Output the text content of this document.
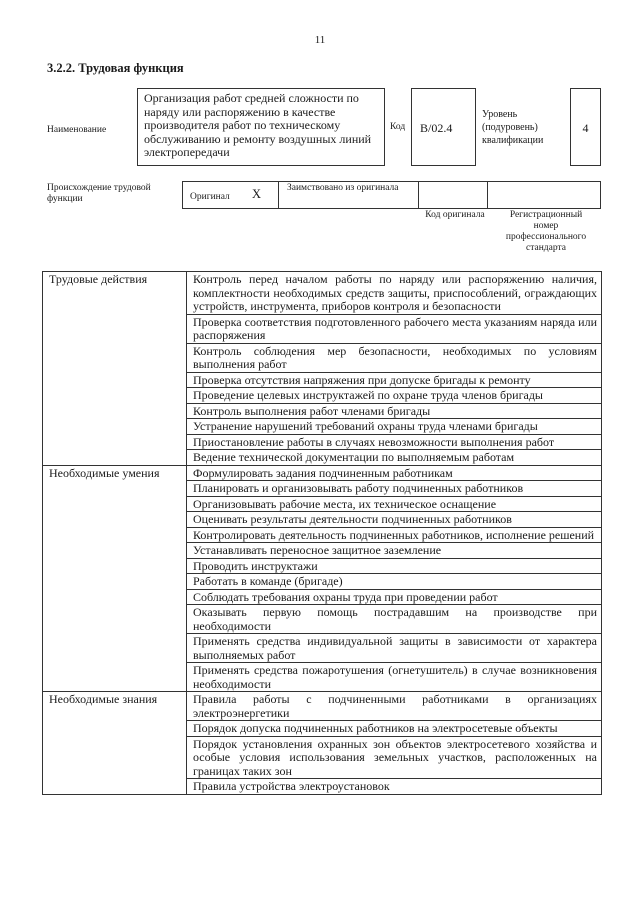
11
3.2.2. Трудовая функция
Наименование
Организация работ средней сложности по наряду или распоряжению в качестве производителя работ по техническому обслуживанию и ремонту воздушных линий электропередачи
Код	B/02.4
Уровень (подуровень) квалификации
4
Происхождение трудовой функции	Оригинал X	Заимствовано из оригинала
Код оригинала	Регистрационный номер профессионального стандарта
Трудовые действия	Контроль перед началом работы по наряду или распоряжению наличия, комплектности необходимых средств защиты, приспособлений, ограждающих устройств, инструмента, приборов контроля и безопасности
	Проверка соответствия подготовленного рабочего места указаниям наряда или распоряжения
	Контроль соблюдения мер безопасности, необходимых по условиям выполнения работ
	Проверка отсутствия напряжения при допуске бригады к ремонту
	Проведение целевых инструктажей по охране труда членов бригады
	Контроль выполнения работ членами бригады
	Устранение нарушений требований охраны труда членами бригады
	Приостановление работы в случаях невозможности выполнения работ
	Ведение технической документации по выполняемым работам
Необходимые умения	Формулировать задания подчиненным работникам
	Планировать и организовывать работу подчиненных работников
	Организовывать рабочие места, их техническое оснащение
	Оценивать результаты деятельности подчиненных работников
	Контролировать деятельность подчиненных работников, исполнение решений
	Устанавливать переносное защитное заземление
	Проводить инструктажи
	Работать в команде (бригаде)
	Соблюдать требования охраны труда при проведении работ
	Оказывать первую помощь пострадавшим на производстве при необходимости
	Применять средства индивидуальной защиты в зависимости от характера выполняемых работ
	Применять средства пожаротушения (огнетушитель) в случае возникновения необходимости
Необходимые знания	Правила работы с подчиненными работниками в организациях электроэнергетики
	Порядок допуска подчиненных работников на электросетевые объекты
	Порядок установления охранных зон объектов электросетевого хозяйства и особые условия использования земельных участков, расположенных на границах таких зон
	Правила устройства электроустановок
